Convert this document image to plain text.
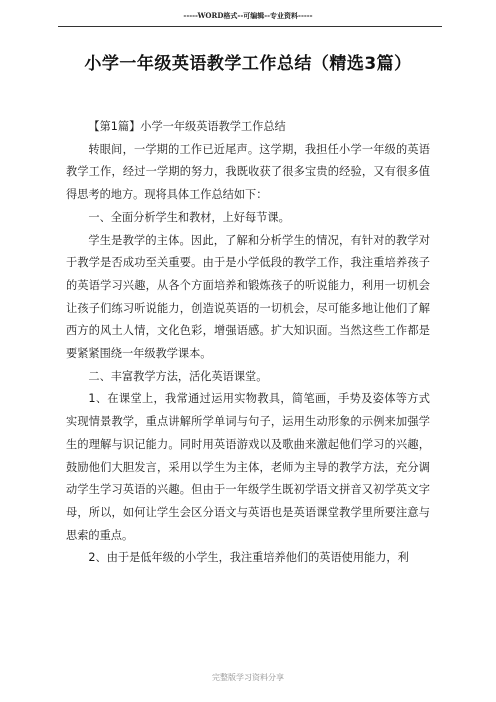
-----WORD格式--可编辑--专业资料-----
小学一年级英语教学工作总结（精选3篇）

【第1篇】小学一年级英语教学工作总结

转眼间，一学期的工作已近尾声。这学期，我担任小学一年级的英语教学工作，经过一学期的努力，我既收获了很多宝贵的经验，又有很多值得思考的地方。现将具体工作总结如下：

一、全面分析学生和教材，上好每节课。

学生是教学的主体。因此，了解和分析学生的情况，有针对的教学对于教学是否成功至关重要。由于是小学低段的教学工作，我注重培养孩子的英语学习兴趣，从各个方面培养和锻炼孩子的听说能力，利用一切机会让孩子们练习听说能力，创造说英语的一切机会，尽可能多地让他们了解西方的风土人情，文化色彩，增强语感。扩大知识面。当然这些工作都是要紧紧围绕一年级教学课本。

二、丰富教学方法，活化英语课堂。

1、在课堂上，我常通过运用实物教具，简笔画，手势及姿体等方式实现情景教学，重点讲解所学单词与句子，运用生动形象的示例来加强学生的理解与识记能力。同时用英语游戏以及歌曲来激起他们学习的兴趣，鼓励他们大胆发言，采用以学生为主体，老师为主导的教学方法，充分调动学生学习英语的兴趣。但由于一年级学生既初学语文拼音又初学英文字母，所以，如何让学生会区分语文与英语也是英语课堂教学里所要注意与思索的重点。

2、由于是低年级的小学生，我注重培养他们的英语使用能力，利

完整版学习资料分享
